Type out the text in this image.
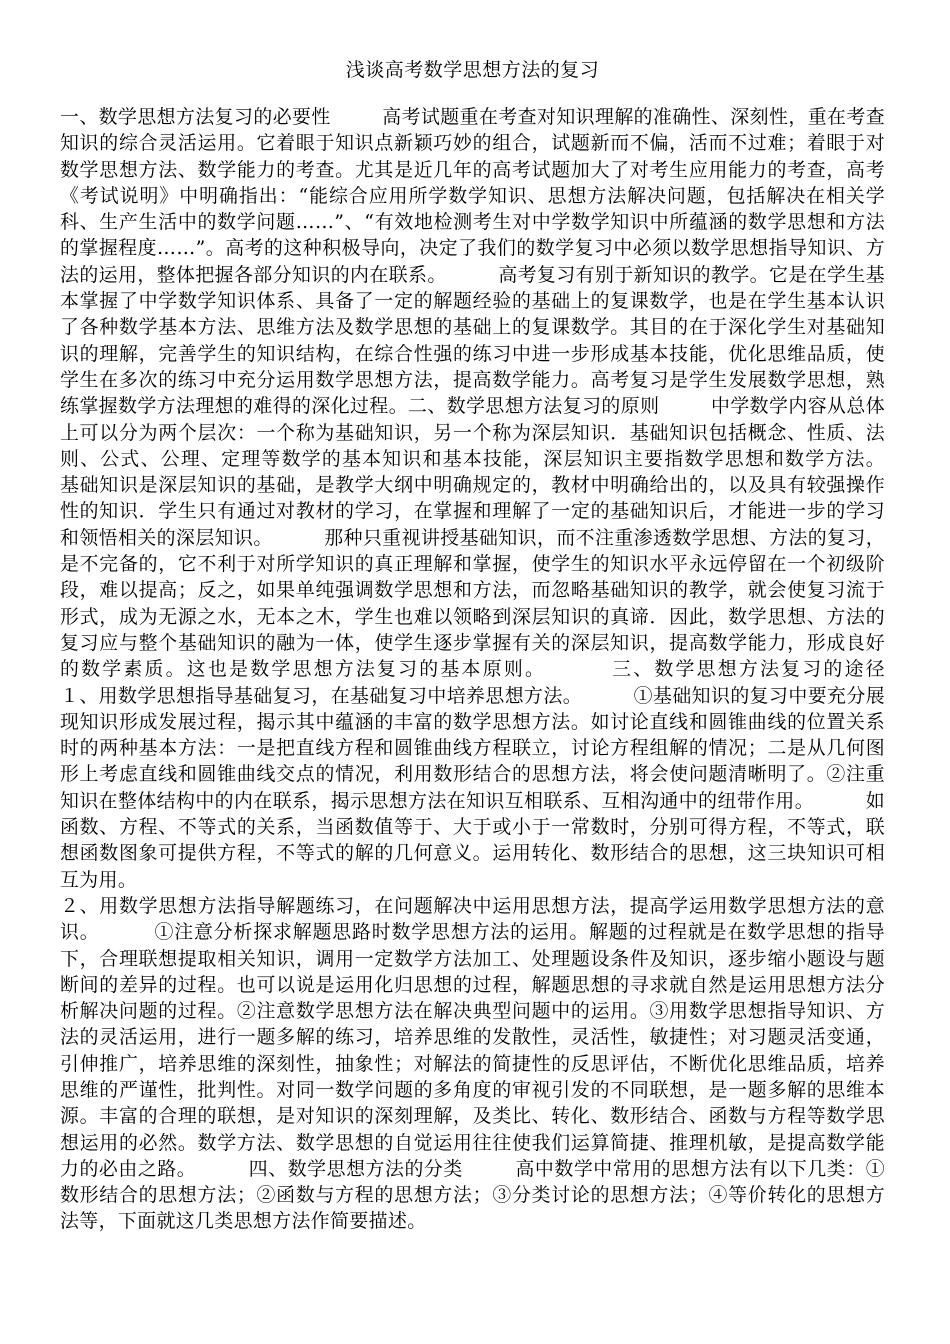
浅谈高考数学思想方法的复习

一、数学思想方法复习的必要性        高考试题重在考查对知识理解的准确性、深刻性，重在考查知识的综合灵活运用。它着眼于知识点新颖巧妙的组合，试题新而不偏，活而不过难；着眼于对数学思想方法、数学能力的考查。尤其是近几年的高考试题加大了对考生应用能力的考查，高考《考试说明》中明确指出：“能综合应用所学数学知识、思想方法解决问题，包括解决在相关学科、生产生活中的数学问题……”、“有效地检测考生对中学数学知识中所蕴涵的数学思想和方法的掌握程度……”。高考的这种积极导向，决定了我们的数学复习中必须以数学思想指导知识、方法的运用，整体把握各部分知识的内在联系。        高考复习有别于新知识的教学。它是在学生基本掌握了中学数学知识体系、具备了一定的解题经验的基础上的复课数学，也是在学生基本认识了各种数学基本方法、思维方法及数学思想的基础上的复课数学。其目的在于深化学生对基础知识的理解，完善学生的知识结构，在综合性强的练习中进一步形成基本技能，优化思维品质，使学生在多次的练习中充分运用数学思想方法，提高数学能力。高考复习是学生发展数学思想，熟练掌握数学方法理想的难得的深化过程。二、数学思想方法复习的原则        中学数学内容从总体上可以分为两个层次：一个称为基础知识，另一个称为深层知识．基础知识包括概念、性质、法则、公式、公理、定理等数学的基本知识和基本技能，深层知识主要指数学思想和数学方法。        基础知识是深层知识的基础，是教学大纲中明确规定的，教材中明确给出的，以及具有较强操作性的知识．学生只有通过对教材的学习，在掌握和理解了一定的基础知识后，才能进一步的学习和领悟相关的深层知识。        那种只重视讲授基础知识，而不注重渗透数学思想、方法的复习，是不完备的，它不利于对所学知识的真正理解和掌握，使学生的知识水平永远停留在一个初级阶段，难以提高；反之，如果单纯强调数学思想和方法，而忽略基础知识的教学，就会使复习流于形式，成为无源之水，无本之木，学生也难以领略到深层知识的真谛．因此，数学思想、方法的复习应与整个基础知识的融为一体，使学生逐步掌握有关的深层知识，提高数学能力，形成良好的数学素质。这也是数学思想方法复习的基本原则。        三、数学思想方法复习的途径        １、用数学思想指导基础复习，在基础复习中培养思想方法。        ①基础知识的复习中要充分展现知识形成发展过程，揭示其中蕴涵的丰富的数学思想方法。如讨论直线和圆锥曲线的位置关系时的两种基本方法：一是把直线方程和圆锥曲线方程联立，讨论方程组解的情况；二是从几何图形上考虑直线和圆锥曲线交点的情况，利用数形结合的思想方法，将会使问题清晰明了。②注重知识在整体结构中的内在联系，揭示思想方法在知识互相联系、互相沟通中的纽带作用。        如函数、方程、不等式的关系，当函数值等于、大于或小于一常数时，分别可得方程，不等式，联想函数图象可提供方程，不等式的解的几何意义。运用转化、数形结合的思想，这三块知识可相互为用。
２、用数学思想方法指导解题练习，在问题解决中运用思想方法，提高学运用数学思想方法的意识。        ①注意分析探求解题思路时数学思想方法的运用。解题的过程就是在数学思想的指导下，合理联想提取相关知识，调用一定数学方法加工、处理题设条件及知识，逐步缩小题设与题断间的差异的过程。也可以说是运用化归思想的过程，解题思想的寻求就自然是运用思想方法分析解决问题的过程。②注意数学思想方法在解决典型问题中的运用。③用数学思想指导知识、方法的灵活运用，进行一题多解的练习，培养思维的发散性，灵活性，敏捷性；对习题灵活变通，引伸推广，培养思维的深刻性，抽象性；对解法的简捷性的反思评估，不断优化思维品质，培养思维的严谨性，批判性。对同一数学问题的多角度的审视引发的不同联想，是一题多解的思维本源。丰富的合理的联想，是对知识的深刻理解，及类比、转化、数形结合、函数与方程等数学思想运用的必然。数学方法、数学思想的自觉运用往往使我们运算简捷、推理机敏，是提高数学能力的必由之路。        四、数学思想方法的分类        高中数学中常用的思想方法有以下几类：①数形结合的思想方法；②函数与方程的思想方法；③分类讨论的思想方法；④等价转化的思想方法等，下面就这几类思想方法作简要描述。
